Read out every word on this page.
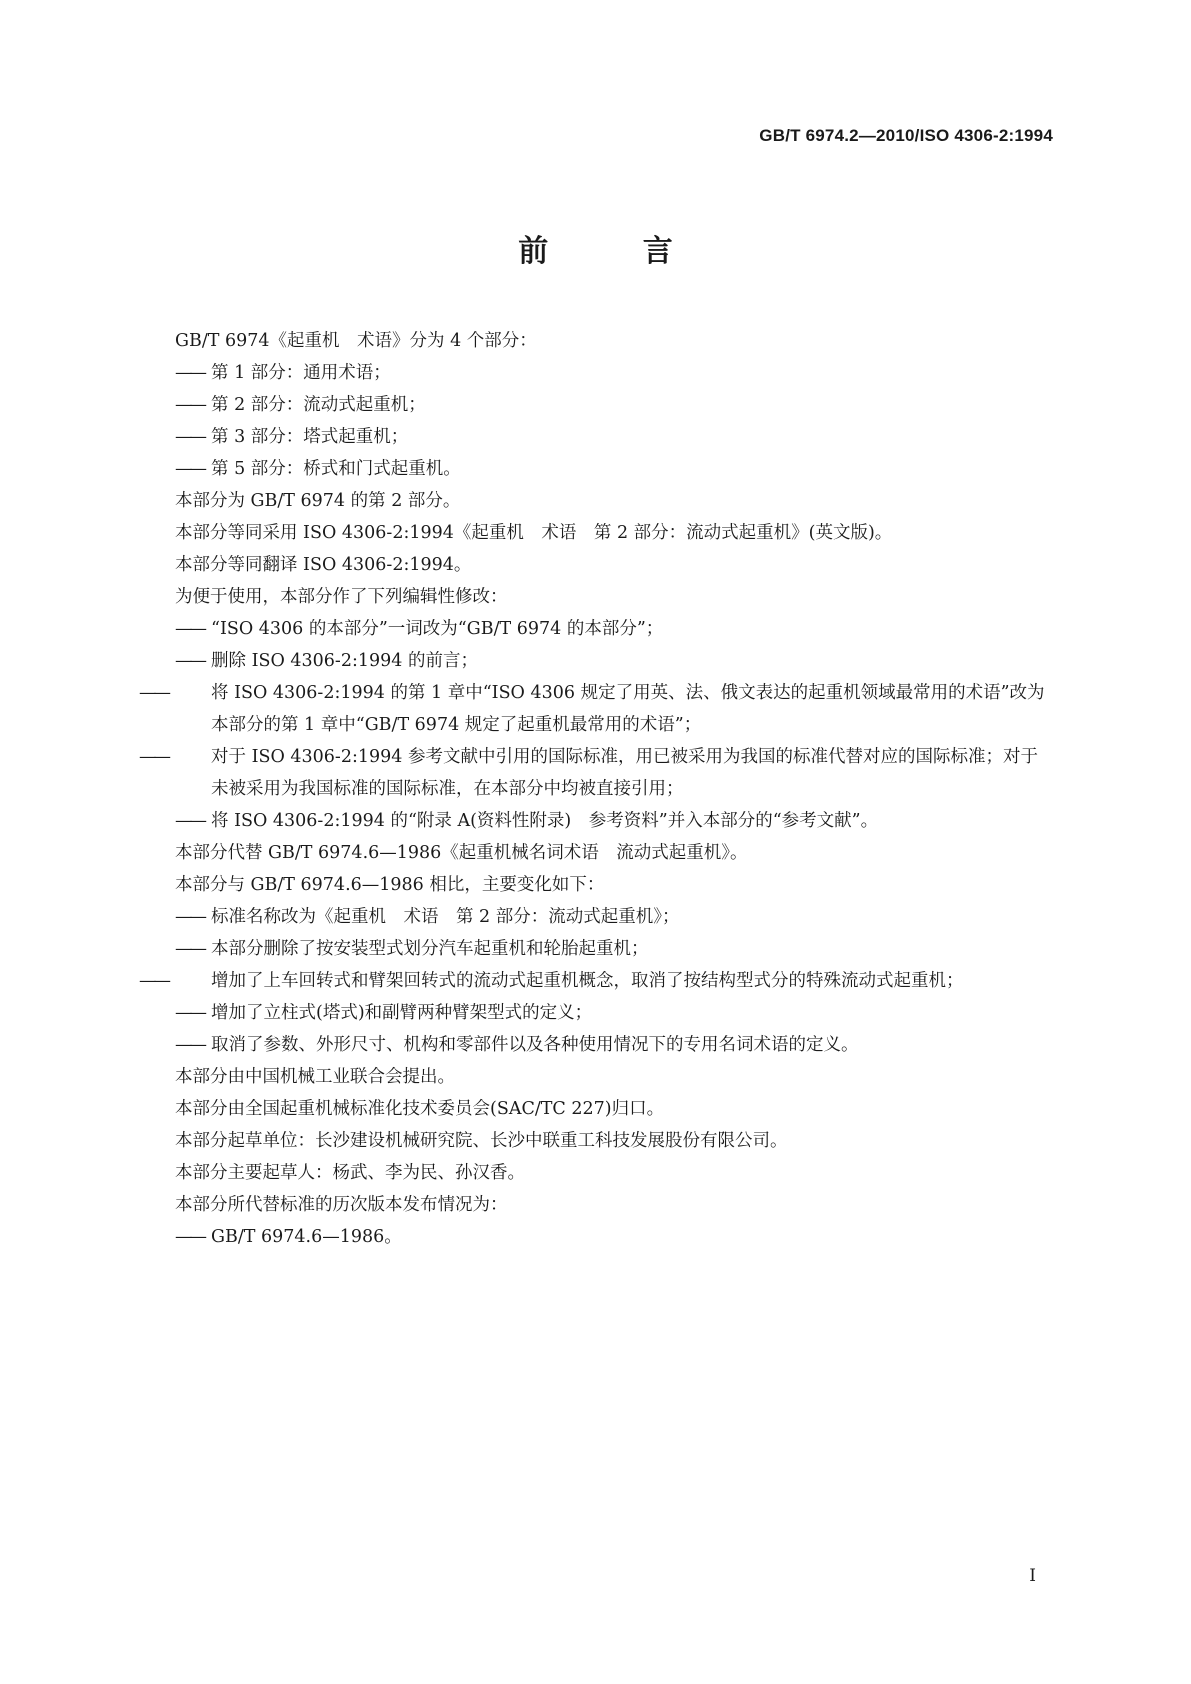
GB/T 6974.2—2010/ISO 4306-2:1994
前 言

GB/T 6974《起重机　术语》分为 4 个部分：

—— 第 1 部分：通用术语；

—— 第 2 部分：流动式起重机；

—— 第 3 部分：塔式起重机；

—— 第 5 部分：桥式和门式起重机。

本部分为 GB/T 6974 的第 2 部分。

本部分等同采用 ISO 4306-2:1994《起重机　术语　第 2 部分：流动式起重机》(英文版)。

本部分等同翻译 ISO 4306-2:1994。

为便于使用，本部分作了下列编辑性修改：

—— “ISO 4306 的本部分”一词改为“GB/T 6974 的本部分”；

—— 删除 ISO 4306-2:1994 的前言；

—— 将 ISO 4306-2:1994 的第 1 章中“ISO 4306 规定了用英、法、俄文表达的起重机领域最常用的术语”改为本部分的第 1 章中“GB/T 6974 规定了起重机最常用的术语”；

—— 对于 ISO 4306-2:1994 参考文献中引用的国际标准，用已被采用为我国的标准代替对应的国际标准；对于未被采用为我国标准的国际标准，在本部分中均被直接引用；

—— 将 ISO 4306-2:1994 的“附录 A(资料性附录)　参考资料”并入本部分的“参考文献”。

本部分代替 GB/T 6974.6—1986《起重机械名词术语　流动式起重机》。

本部分与 GB/T 6974.6—1986 相比，主要变化如下：

—— 标准名称改为《起重机　术语　第 2 部分：流动式起重机》；

—— 本部分删除了按安装型式划分汽车起重机和轮胎起重机；

—— 增加了上车回转式和臂架回转式的流动式起重机概念，取消了按结构型式分的特殊流动式起重机；

—— 增加了立柱式(塔式)和副臂两种臂架型式的定义；

—— 取消了参数、外形尺寸、机构和零部件以及各种使用情况下的专用名词术语的定义。

本部分由中国机械工业联合会提出。

本部分由全国起重机械标准化技术委员会(SAC/TC 227)归口。

本部分起草单位：长沙建设机械研究院、长沙中联重工科技发展股份有限公司。

本部分主要起草人：杨武、李为民、孙汉香。

本部分所代替标准的历次版本发布情况为：

—— GB/T 6974.6—1986。

I
